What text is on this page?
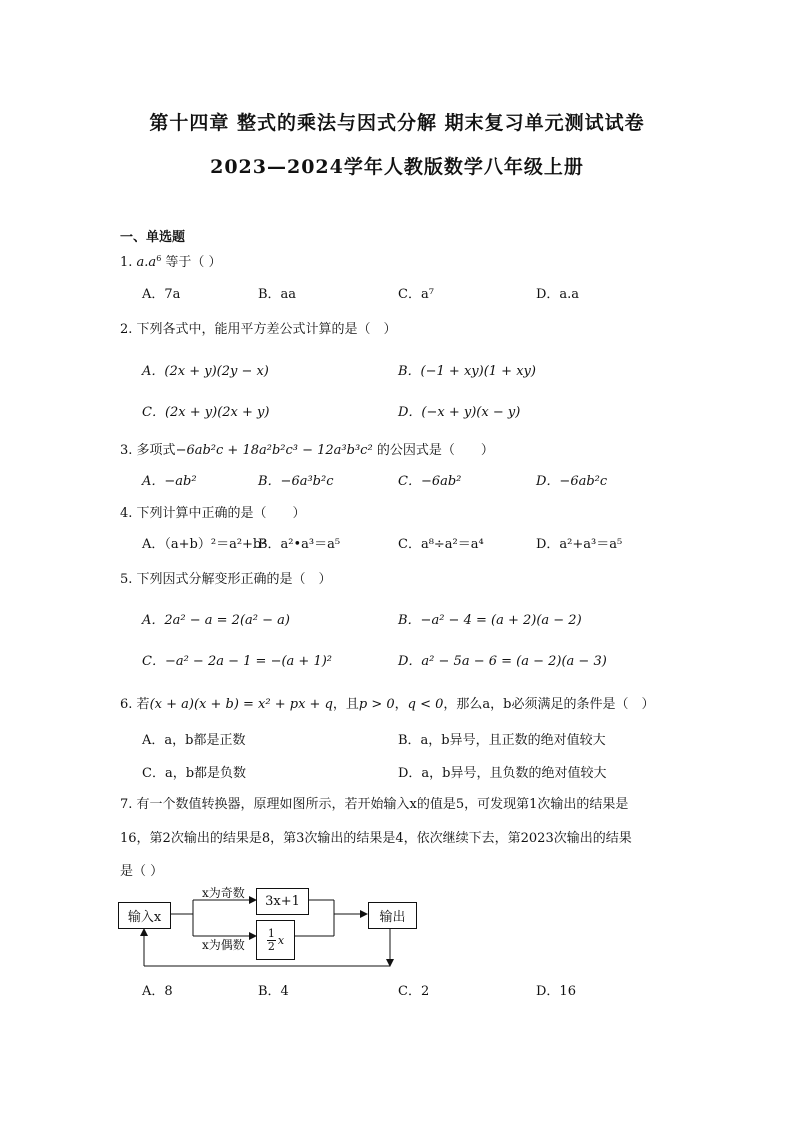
第十四章 整式的乘法与因式分解 期末复习单元测试试卷
2023—2024学年人教版数学八年级上册
一、单选题
1. $a.a^6$ 等于（ ）
A．7a	B．aa	C．a⁷	D．a.a
2. 下列各式中，能用平方差公式计算的是（　）
A．(2x + y)(2y − x)	B．(−1 + xy)(1 + xy)
C．(2x + y)(2x + y)	D．(−x + y)(x − y)
3. 多项式−6ab²c + 18a²b²c³ − 12a³b³c² 的公因式是（　　）
A．−ab²	B．−6a³b²c	C．−6ab²	D．−6ab²c
4. 下列计算中正确的是（　　）
A．（a+b）²＝a²+b²
B．a²•a³＝a⁵	C．a⁸÷a²＝a⁴	D．a²+a³＝a⁵
5. 下列因式分解变形正确的是（　）
A．2a² − a = 2(a² − a)	B．−a² − 4 = (a + 2)(a − 2)
C．−a² − 2a − 1 = −(a + 1)²	D．a² − 5a − 6 = (a − 2)(a − 3)
6. 若(x + a)(x + b) = x² + px + q，且p > 0，q < 0，那么a，b必须满足的条件是（　）
A．a，b都是正数	B．a，b异号，且正数的绝对值较大
C．a，b都是负数	D．a，b异号，且负数的绝对值较大
7. 有一个数值转换器，原理如图所示，若开始输入x的值是5，可发现第1次输出的结果是
16，第2次输出的结果是8，第3次输出的结果是4，依次继续下去，第2023次输出的结果
是（ ）
输入x
x为奇数
x为偶数
3x+1
$\frac{1}{2}$ x
输出
A．8	B．4	C．2	D．16
